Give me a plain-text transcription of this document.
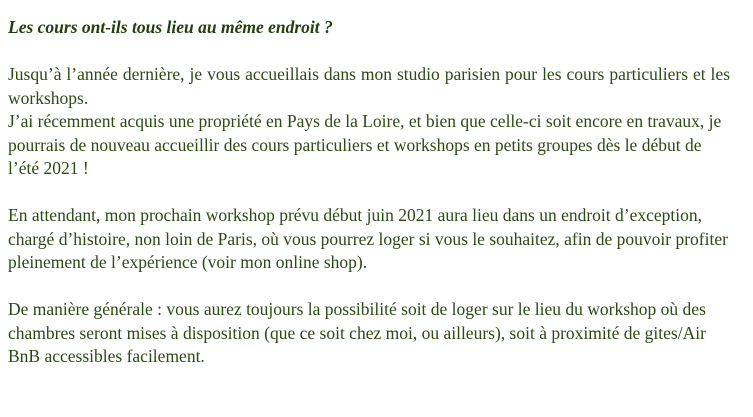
Les cours ont-ils tous lieu au même endroit ?

Jusqu’à l’année dernière, je vous accueillais dans mon studio parisien pour les cours particuliers et les workshops.
J’ai récemment acquis une propriété en Pays de la Loire, et bien que celle-ci soit encore en travaux, je pourrais de nouveau accueillir des cours particuliers et workshops en petits groupes dès le début de l’été 2021 !
En attendant, mon prochain workshop prévu début juin 2021 aura lieu dans un endroit d’exception, chargé d’histoire, non loin de Paris, où vous pourrez loger si vous le souhaitez, afin de pouvoir profiter pleinement de l’expérience (voir mon online shop).
De manière générale : vous aurez toujours la possibilité soit de loger sur le lieu du workshop où des chambres seront mises à disposition (que ce soit chez moi, ou ailleurs), soit à proximité de gites/Air BnB accessibles facilement.
